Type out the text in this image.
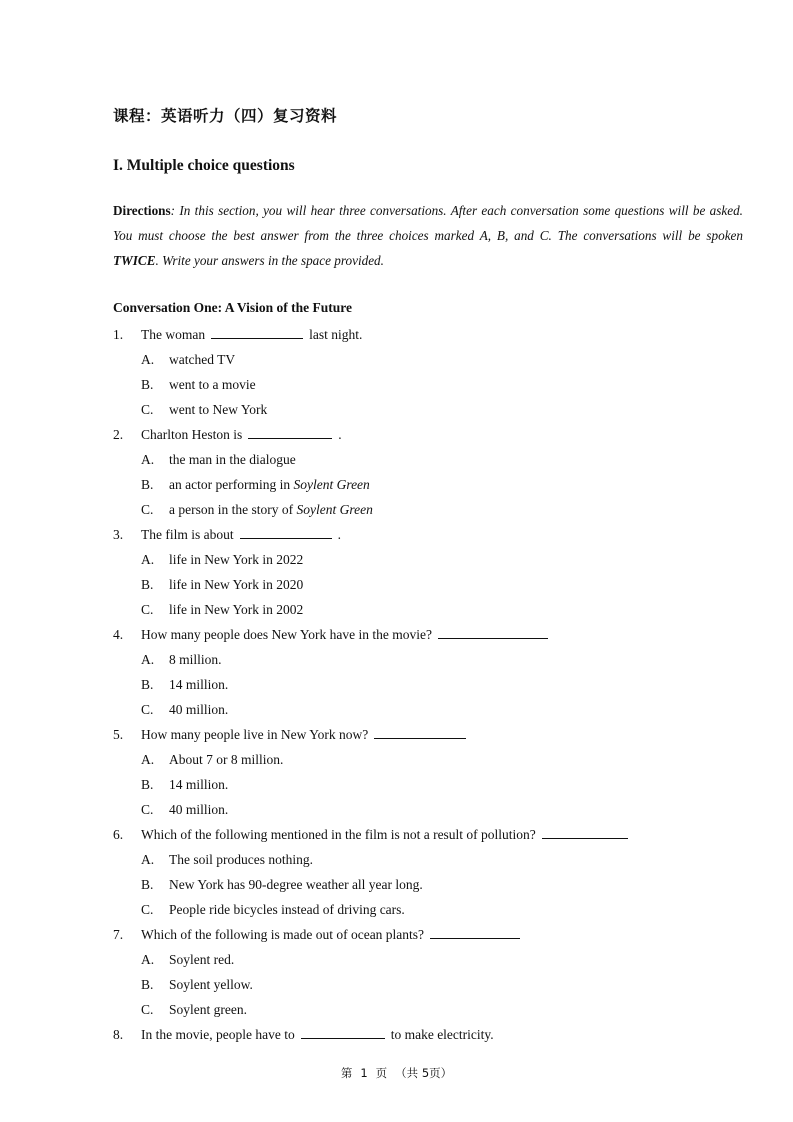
课程：英语听力（四）复习资料
I. Multiple choice questions
Directions: In this section, you will hear three conversations. After each conversation some questions will be asked. You must choose the best answer from the three choices marked A, B, and C. The conversations will be spoken TWICE. Write your answers in the space provided.
Conversation One: A Vision of the Future
1. The woman	last night.
A. watched TV
B. went to a movie
C. went to New York
2. Charlton Heston is	.
A. the man in the dialogue
B. an actor performing in Soylent Green
C. a person in the story of Soylent Green
3. The film is about	.
A. life in New York in 2022
B. life in New York in 2020
C. life in New York in 2002
4. How many people does New York have in the movie?
A. 8 million.
B. 14 million.
C. 40 million.
5. How many people live in New York now?
A. About 7 or 8 million.
B. 14 million.
C. 40 million.
6. Which of the following mentioned in the film is not a result of pollution?
A. The soil produces nothing.
B. New York has 90-degree weather all year long.
C. People ride bicycles instead of driving cars.
7. Which of the following is made out of ocean plants?
A. Soylent red.
B. Soylent yellow.
C. Soylent green.
8. In the movie, people have to	to make electricity.
第 1 页 （共 5页）
